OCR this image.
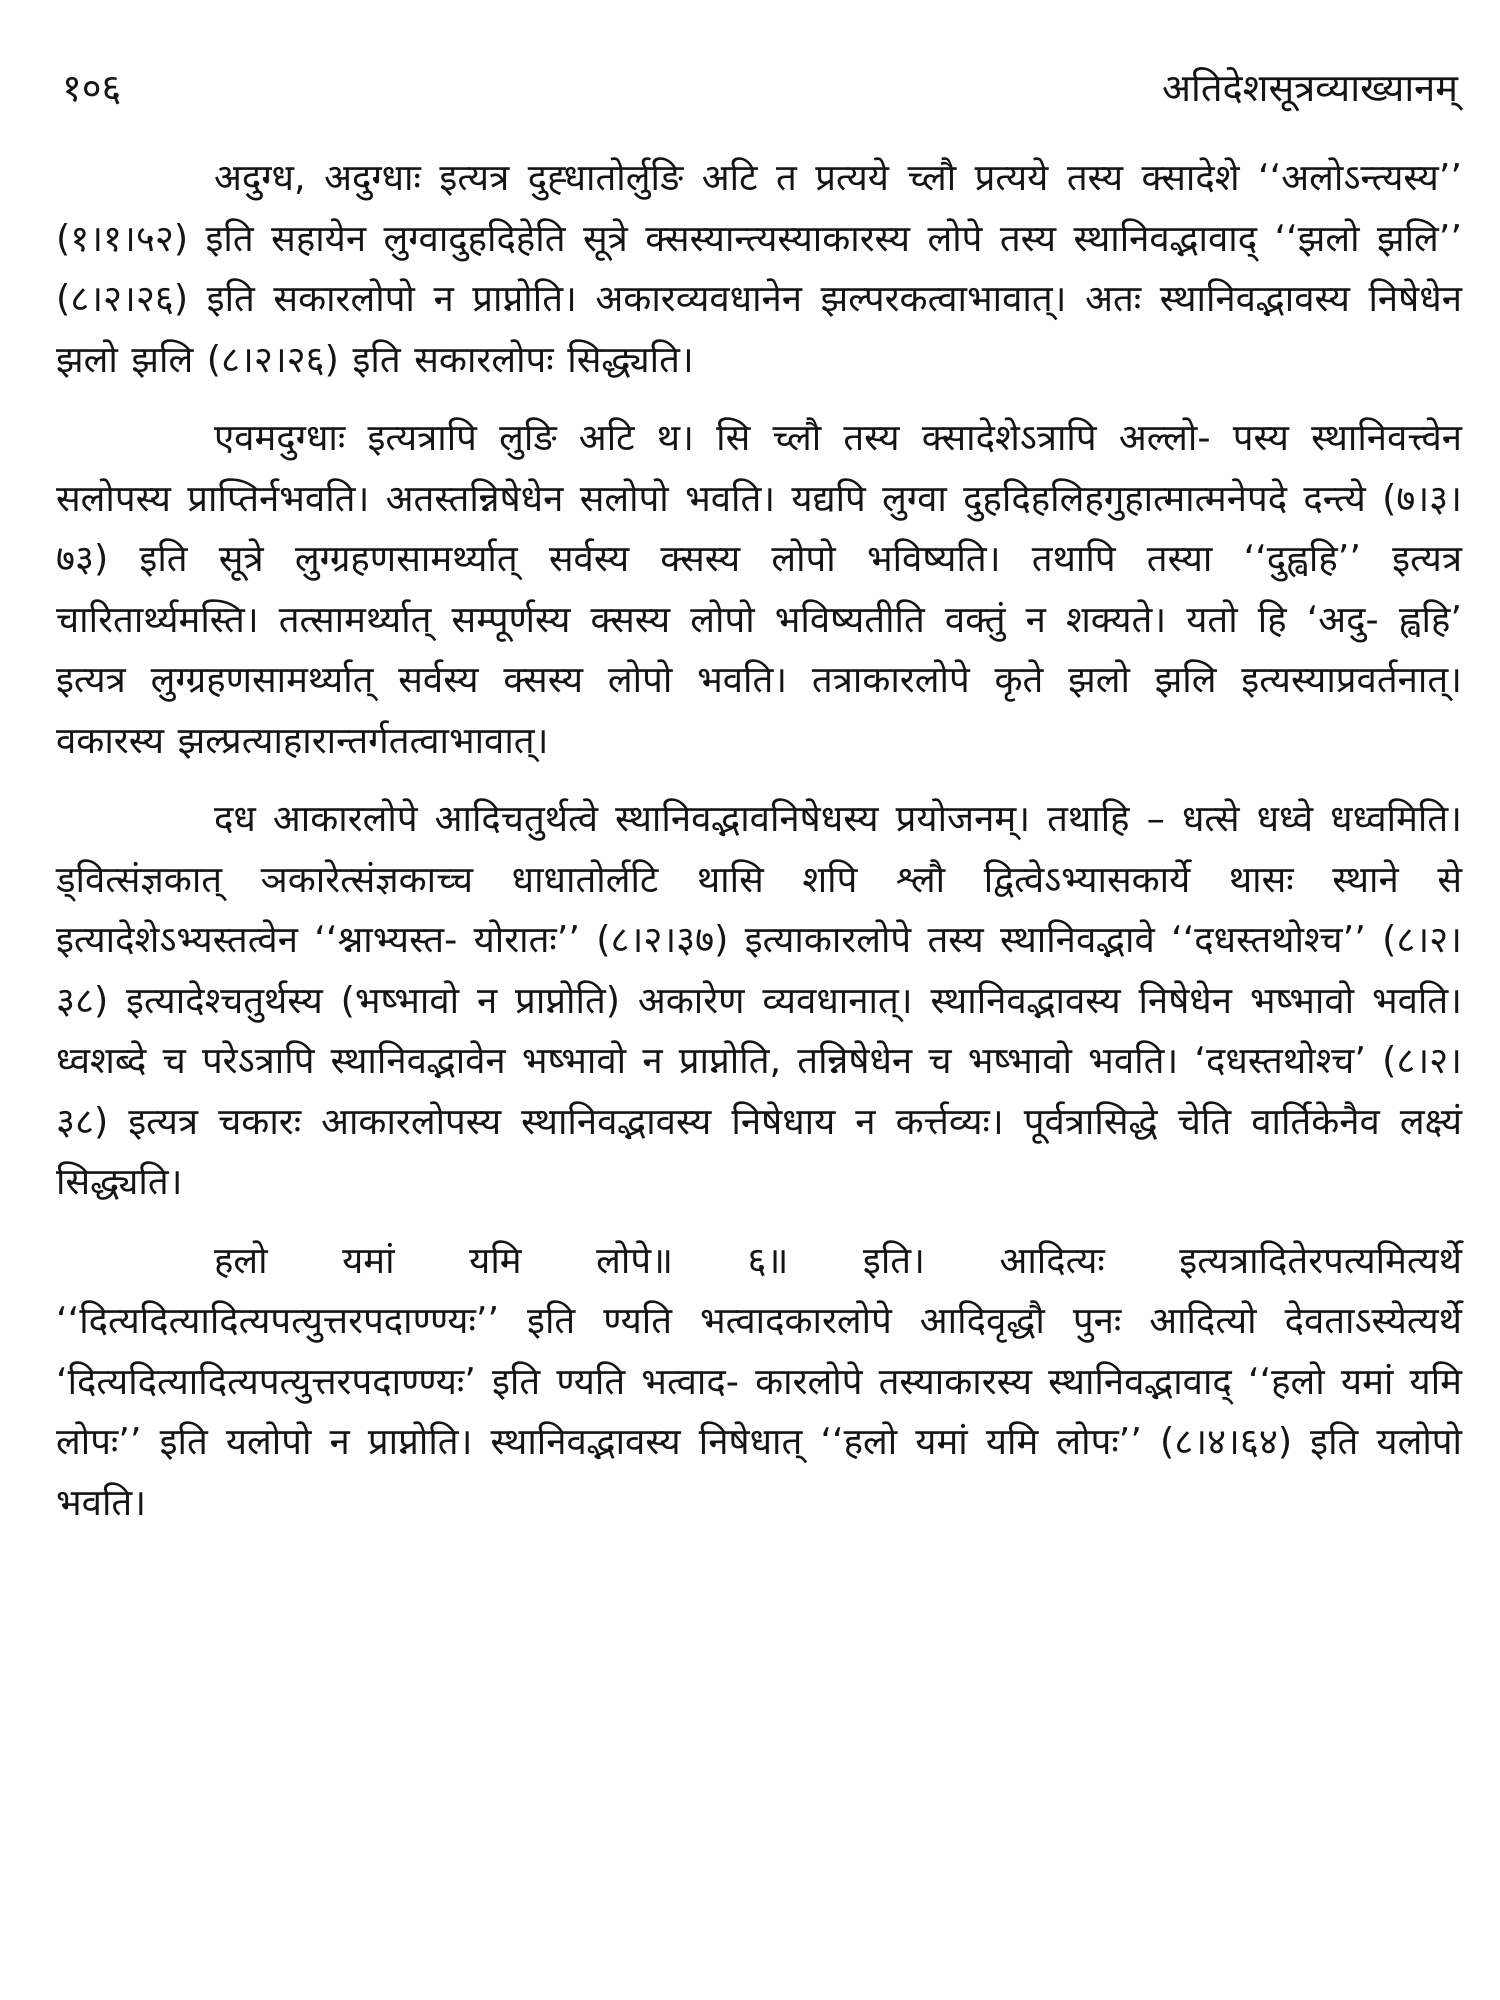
१०६	अतिदेशसूत्रव्याख्यानम्

अदुग्ध, अदुग्धाः इत्यत्र दुह्धातोर्लुङि अटि त प्रत्यये च्लौ प्रत्यये तस्य क्सादेशे ‘‘अलोऽन्त्यस्य’’ (१।१।५२) इति सहायेन लुग्वादुहदिहेति सूत्रे क्सस्यान्त्यस्याकारस्य लोपे तस्य स्थानिवद्भावाद् ‘‘झलो झलि’’ (८।२।२६) इति सकारलोपो न प्राप्नोति। अकारव्यवधानेन झल्परकत्वाभावात्। अतः स्थानिवद्भावस्य निषेधेन झलो झलि (८।२।२६) इति सकारलोपः सिद्ध्यति।

एवमदुग्धाः इत्यत्रापि लुङि अटि थ। सि च्लौ तस्य क्सादेशेऽत्रापि अल्लो- पस्य स्थानिवत्त्वेन सलोपस्य प्राप्तिर्नभवति। अतस्तन्निषेधेन सलोपो भवति। यद्यपि लुग्वा दुहदिहलिहगुहात्मात्मनेपदे दन्त्ये (७।३।७३) इति सूत्रे लुग्ग्रहणसामर्थ्यात् सर्वस्य क्सस्य लोपो भविष्यति। तथापि तस्या ‘‘दुह्वहि’’ इत्यत्र चारितार्थ्यमस्ति। तत्सामर्थ्यात् सम्पूर्णस्य क्सस्य लोपो भविष्यतीति वक्तुं न शक्यते। यतो हि ‘अदु- ह्वहि’ इत्यत्र लुग्ग्रहणसामर्थ्यात् सर्वस्य क्सस्य लोपो भवति। तत्राकारलोपे कृते झलो झलि इत्यस्याप्रवर्तनात्। वकारस्य झल्प्रत्याहारान्तर्गतत्वाभावात्।

दध आकारलोपे आदिचतुर्थत्वे स्थानिवद्भावनिषेधस्य प्रयोजनम्। तथाहि – धत्से धध्वे धध्वमिति। ड्वित्संज्ञकात् ञकारेत्संज्ञकाच्च धाधातोर्लटि थासि शपि श्लौ द्वित्वेऽभ्यासकार्ये थासः स्थाने से इत्यादेशेऽभ्यस्तत्वेन ‘‘श्नाभ्यस्त- योरातः’’ (८।२।३७) इत्याकारलोपे तस्य स्थानिवद्भावे ‘‘दधस्तथोश्च’’ (८।२।३८) इत्यादेश्चतुर्थस्य (भष्भावो न प्राप्नोति) अकारेण व्यवधानात्। स्थानिवद्भावस्य निषेधेन भष्भावो भवति। ध्वशब्दे च परेऽत्रापि स्थानिवद्भावेन भष्भावो न प्राप्नोति, तन्निषेधेन च भष्भावो भवति। ‘दधस्तथोश्च’ (८।२।३८) इत्यत्र चकारः आकारलोपस्य स्थानिवद्भावस्य निषेधाय न कर्त्तव्यः। पूर्वत्रासिद्धे चेति वार्तिकेनैव लक्ष्यं सिद्ध्यति।

हलो यमां यमि लोपे॥ ६॥ इति। आदित्यः इत्यत्रादितेरपत्यमित्यर्थे ‘‘दित्यदित्यादित्यपत्युत्तरपदाण्ण्यः’’ इति ण्यति भत्वादकारलोपे आदिवृद्धौ पुनः आदित्यो देवताऽस्येत्यर्थे ‘दित्यदित्यादित्यपत्युत्तरपदाण्ण्यः’ इति ण्यति भत्वाद- कारलोपे तस्याकारस्य स्थानिवद्भावाद् ‘‘हलो यमां यमि लोपः’’ इति यलोपो न प्राप्नोति। स्थानिवद्भावस्य निषेधात् ‘‘हलो यमां यमि लोपः’’ (८।४।६४) इति यलोपो भवति।
